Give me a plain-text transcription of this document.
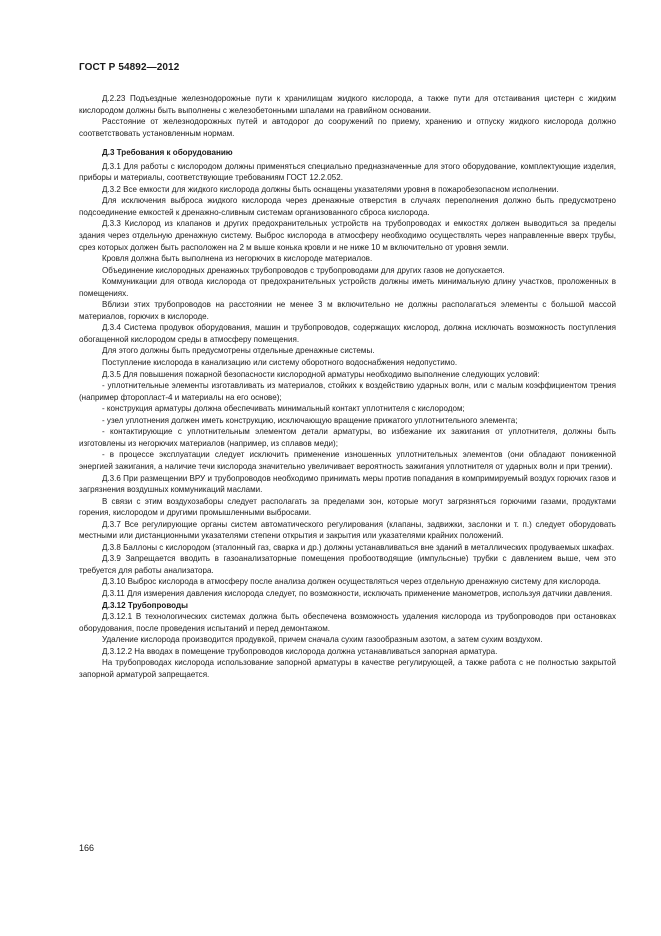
ГОСТ Р 54892—2012

Д.2.23 Подъездные железнодорожные пути к хранилищам жидкого кислорода, а также пути для отстаивания цистерн с жидким кислородом должны быть выполнены с железобетонными шпалами на гравийном основании.

Расстояние от железнодорожных путей и автодорог до сооружений по приему, хранению и отпуску жидкого кислорода должно соответствовать установленным нормам.

Д.3 Требования к оборудованию

Д.3.1 Для работы с кислородом должны применяться специально предназначенные для этого оборудование, комплектующие изделия, приборы и материалы, соответствующие требованиям ГОСТ 12.2.052.

Д.3.2 Все емкости для жидкого кислорода должны быть оснащены указателями уровня в пожаробезопасном исполнении.

Для исключения выброса жидкого кислорода через дренажные отверстия в случаях переполнения должно быть предусмотрено подсоединение емкостей к дренажно-сливным системам организованного сброса кислорода.

Д.3.3 Кислород из клапанов и других предохранительных устройств на трубопроводах и емкостях должен выводиться за пределы здания через отдельную дренажную систему. Выброс кислорода в атмосферу необходимо осуществлять через направленные вверх трубы, срез которых должен быть расположен на 2 м выше конька кровли и не ниже 10 м включительно от уровня земли.

Кровля должна быть выполнена из негорючих в кислороде материалов.

Объединение кислородных дренажных трубопроводов с трубопроводами для других газов не допускается.

Коммуникации для отвода кислорода от предохранительных устройств должны иметь минимальную длину участков, проложенных в помещениях.

Вблизи этих трубопроводов на расстоянии не менее 3 м включительно не должны располагаться элементы с большой массой материалов, горючих в кислороде.

Д.3.4 Система продувок оборудования, машин и трубопроводов, содержащих кислород, должна исключать возможность поступления обогащенной кислородом среды в атмосферу помещения.

Для этого должны быть предусмотрены отдельные дренажные системы.

Поступление кислорода в канализацию или систему оборотного водоснабжения недопустимо.

Д.3.5 Для повышения пожарной безопасности кислородной арматуры необходимо выполнение следующих условий:

- уплотнительные элементы изготавливать из материалов, стойких к воздействию ударных волн, или с малым коэффициентом трения (например фторопласт-4 и материалы на его основе);

- конструкция арматуры должна обеспечивать минимальный контакт уплотнителя с кислородом;

- узел уплотнения должен иметь конструкцию, исключающую вращение прижатого уплотнительного элемента;

- контактирующие с уплотнительным элементом детали арматуры, во избежание их зажигания от уплотнителя, должны быть изготовлены из негорючих материалов (например, из сплавов меди);

- в процессе эксплуатации следует исключить применение изношенных уплотнительных элементов (они обладают пониженной энергией зажигания, а наличие течи кислорода значительно увеличивает вероятность зажигания уплотнителя от ударных волн и при трении).

Д.3.6 При размещении ВРУ и трубопроводов необходимо принимать меры против попадания в компримируемый воздух горючих газов и загрязнения воздушных коммуникаций маслами.

В связи с этим воздухозаборы следует располагать за пределами зон, которые могут загрязняться горючими газами, продуктами горения, кислородом и другими промышленными выбросами.

Д.3.7 Все регулирующие органы систем автоматического регулирования (клапаны, задвижки, заслонки и т. п.) следует оборудовать местными или дистанционными указателями степени открытия и закрытия или указателями крайних положений.

Д.3.8 Баллоны с кислородом (эталонный газ, сварка и др.) должны устанавливаться вне зданий в металлических продуваемых шкафах.

Д.3.9 Запрещается вводить в газоанализаторные помещения пробоотводящие (импульсные) трубки с давлением выше, чем это требуется для работы анализатора.

Д.3.10 Выброс кислорода в атмосферу после анализа должен осуществляться через отдельную дренажную систему для кислорода.

Д.3.11 Для измерения давления кислорода следует, по возможности, исключать применение манометров, используя датчики давления.

Д.3.12 Трубопроводы

Д.3.12.1 В технологических системах должна быть обеспечена возможность удаления кислорода из трубопроводов при остановках оборудования, после проведения испытаний и перед демонтажом.

Удаление кислорода производится продувкой, причем сначала сухим газообразным азотом, а затем сухим воздухом.

Д.3.12.2 На вводах в помещение трубопроводов кислорода должна устанавливаться запорная арматура.

На трубопроводах кислорода использование запорной арматуры в качестве регулирующей, а также работа с не полностью закрытой запорной арматурой запрещается.

166
